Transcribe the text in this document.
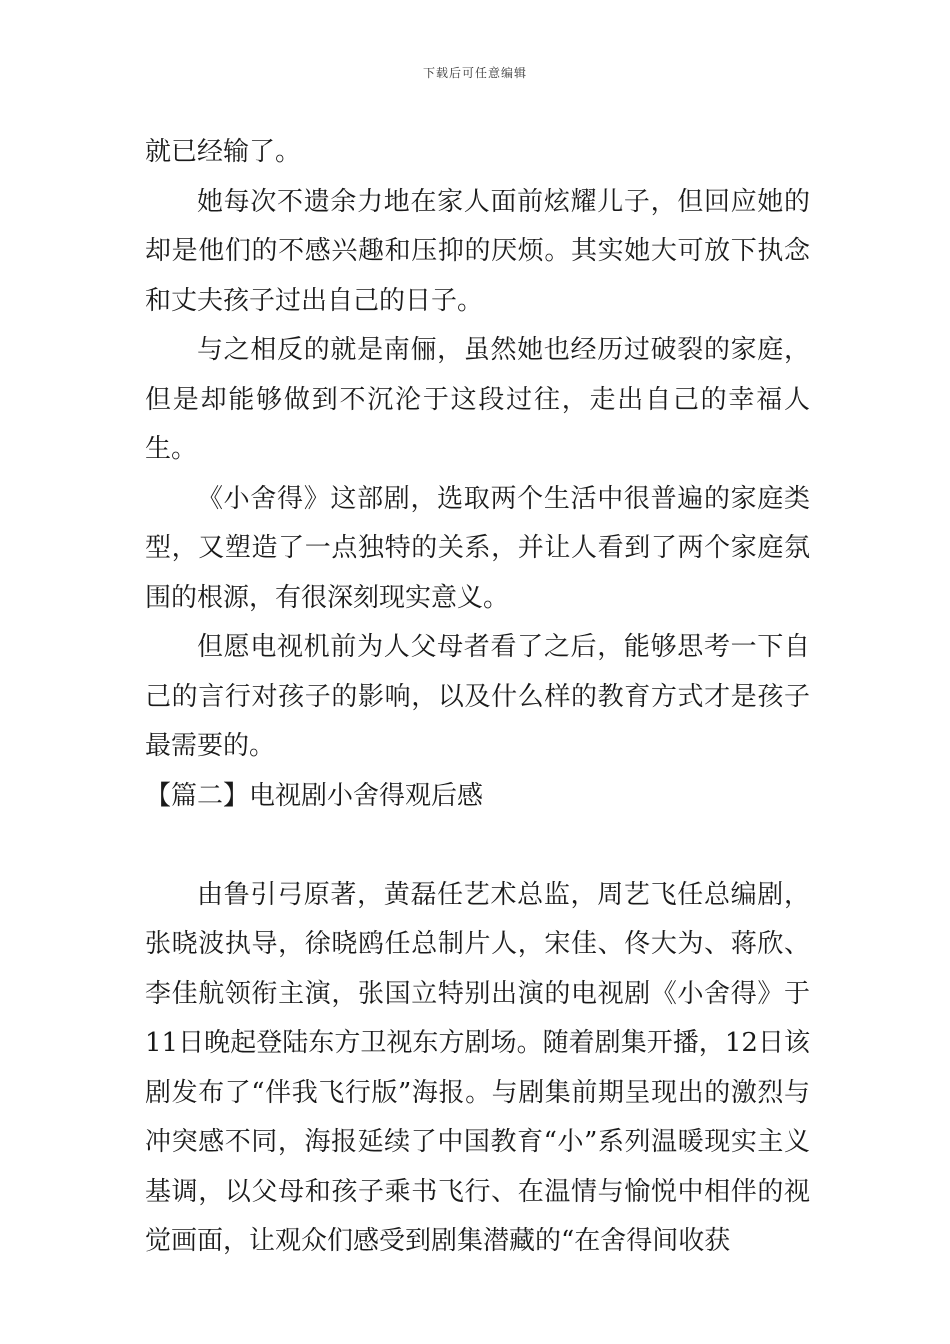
下载后可任意编辑

就已经输了。

她每次不遗余力地在家人面前炫耀儿子，但回应她的却是他们的不感兴趣和压抑的厌烦。其实她大可放下执念和丈夫孩子过出自己的日子。

与之相反的就是南俪，虽然她也经历过破裂的家庭，但是却能够做到不沉沦于这段过往，走出自己的幸福人生。

《小舍得》这部剧，选取两个生活中很普遍的家庭类型，又塑造了一点独特的关系，并让人看到了两个家庭氛围的根源，有很深刻现实意义。

但愿电视机前为人父母者看了之后，能够思考一下自己的言行对孩子的影响，以及什么样的教育方式才是孩子最需要的。

【篇二】电视剧小舍得观后感

由鲁引弓原著，黄磊任艺术总监，周艺飞任总编剧，张晓波执导，徐晓鸥任总制片人，宋佳、佟大为、蒋欣、李佳航领衔主演，张国立特别出演的电视剧《小舍得》于11日晚起登陆东方卫视东方剧场。随着剧集开播，12日该剧发布了“伴我飞行版”海报。与剧集前期呈现出的激烈与冲突感不同，海报延续了中国教育“小”系列温暖现实主义基调，以父母和孩子乘书飞行、在温情与愉悦中相伴的视觉画面，让观众们感受到剧集潜藏的“在舍得间收获
